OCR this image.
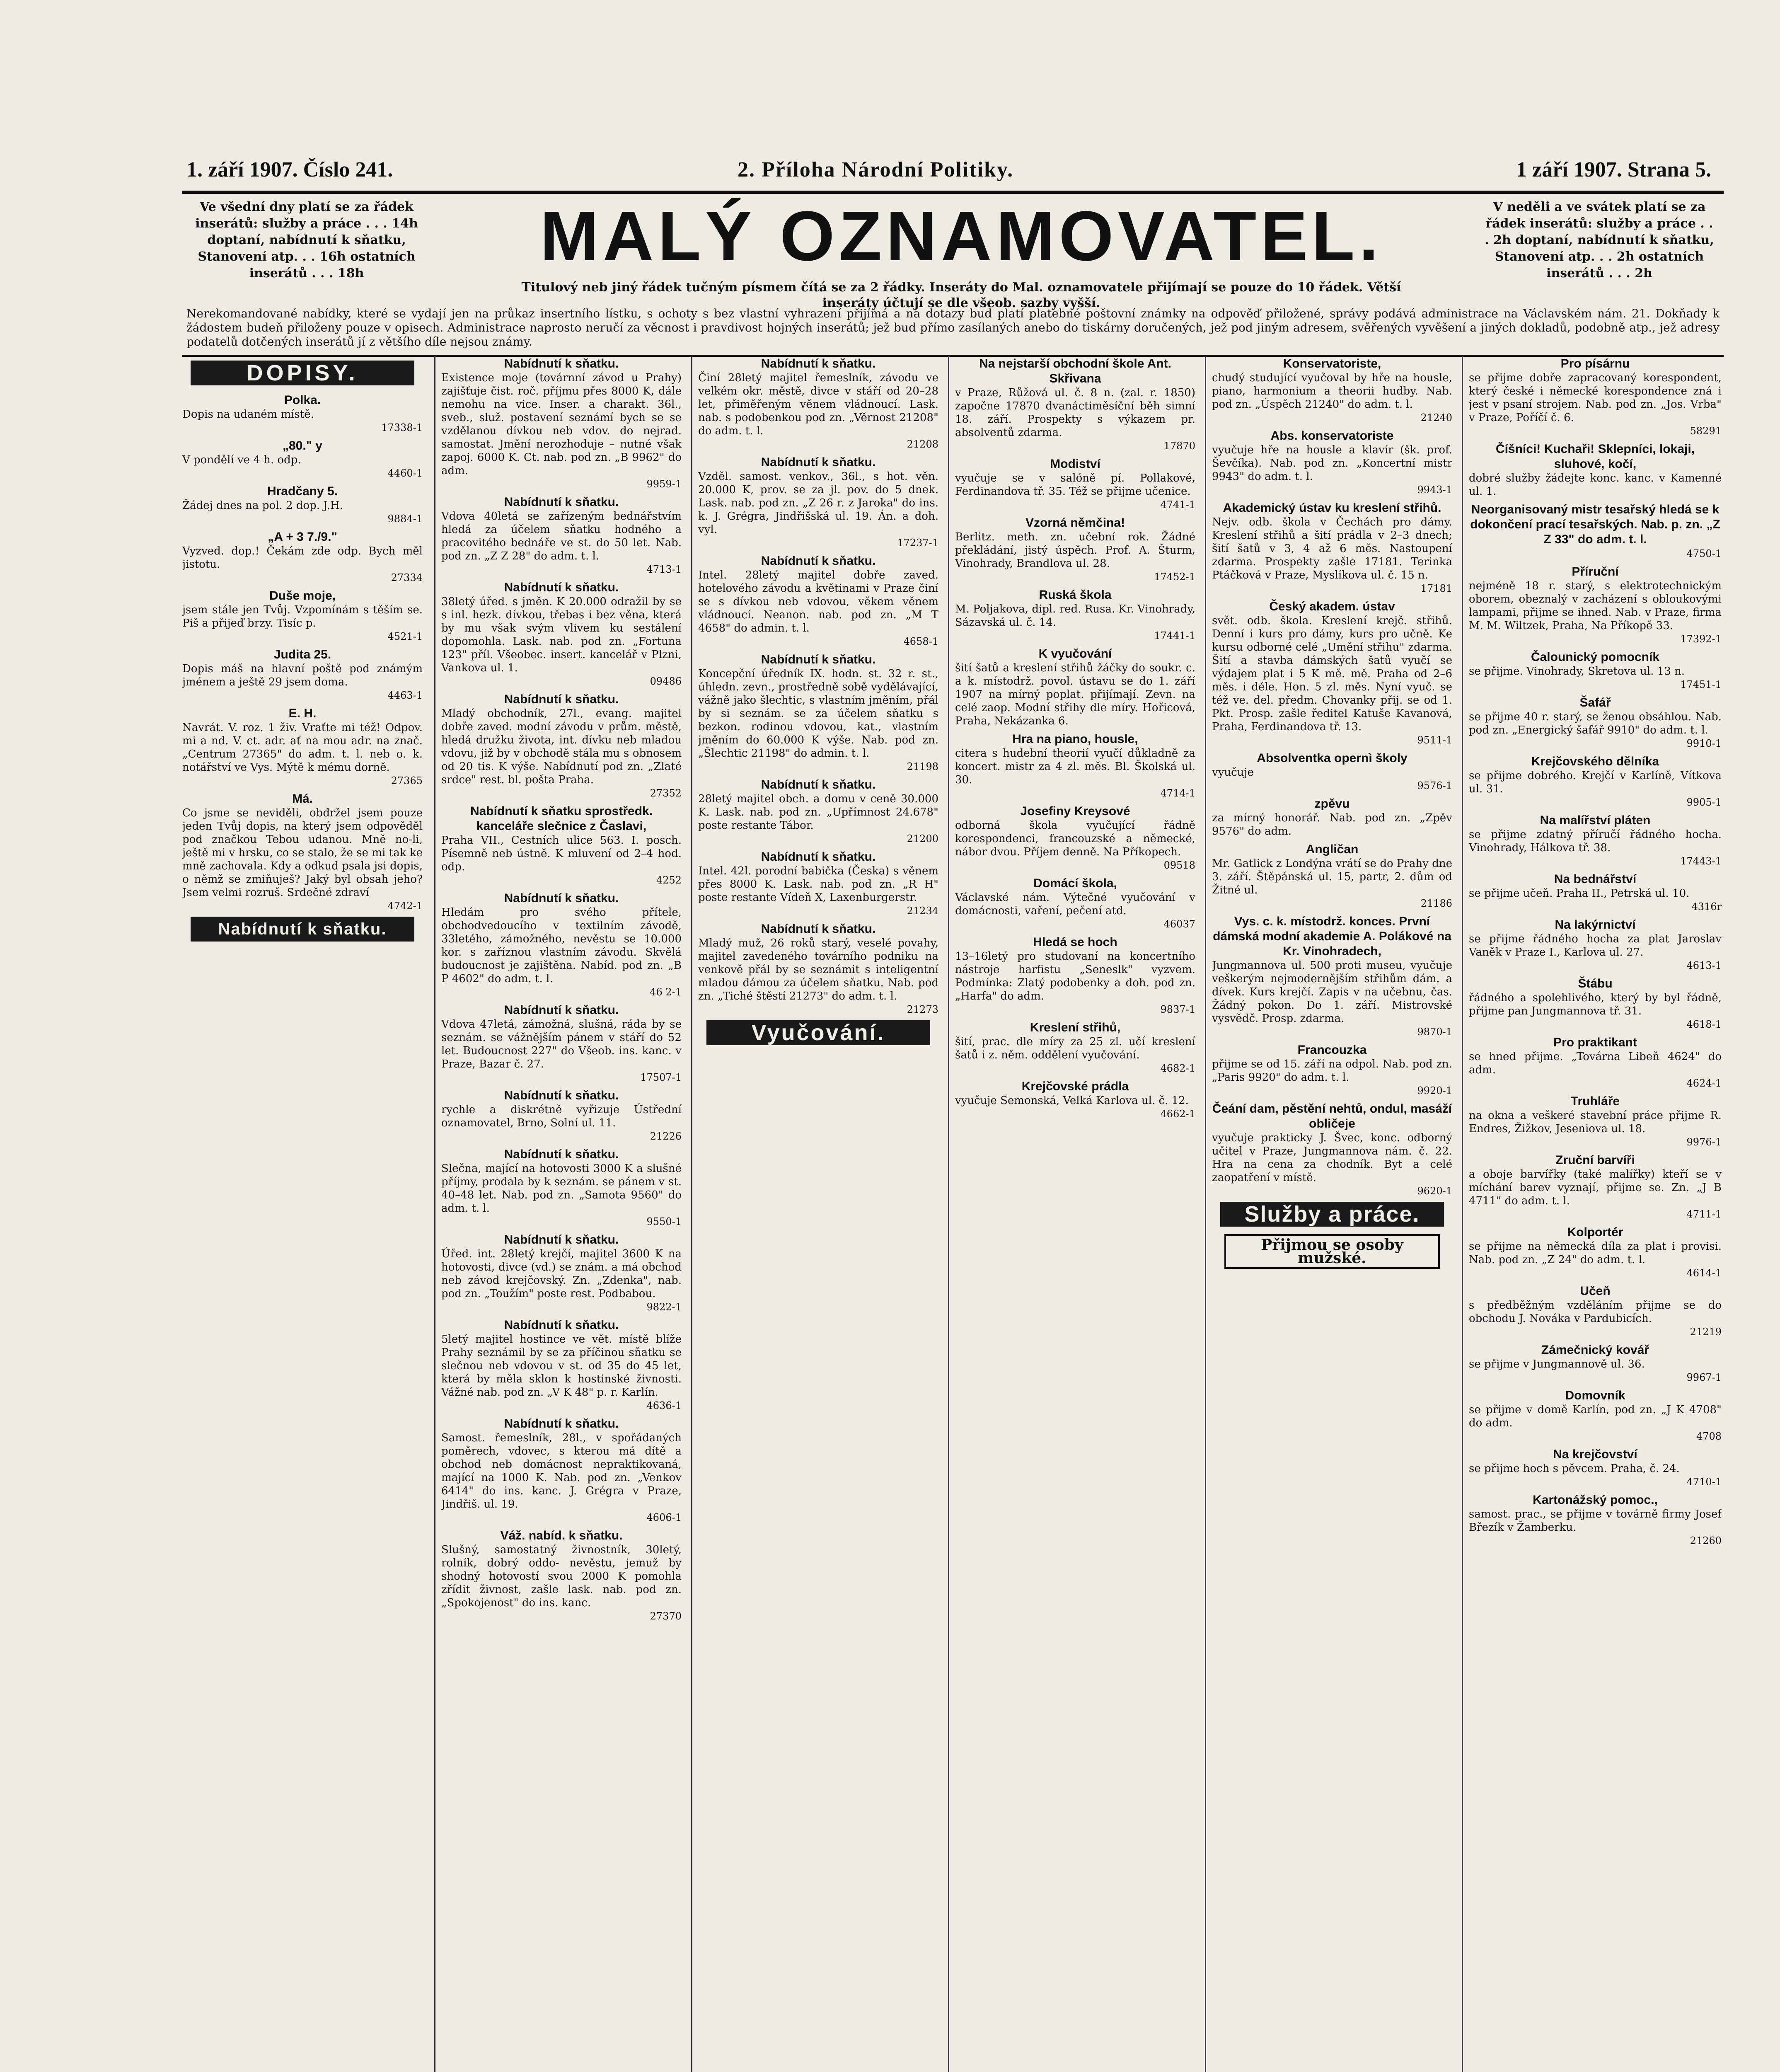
1. září 1907. Číslo 241.	2. Příloha Národní Politiky.	1 září 1907. Strana 5.
Ve všední dny platí se za řádek inserátů: služby a práce . . . 14h doptaní, nabídnutí k sňatku, Stanovení atp. . . 16h ostatních inserátů . . . 18h	MALÝ OZNAMOVATEL.
Titulový neb jiný řádek tučným písmem čítá se za 2 řádky. Inseráty do Mal. oznamovatele přijímají se pouze do 10 řádek. Větší inseráty účtují se dle všeob. sazby vyšší.
V neděli a ve svátek platí se za řádek inserátů: služby a práce . . . 2h doptaní, nabídnutí k sňatku, Stanovení atp. . . 2h ostatních inserátů . . . 2h
Nerekomandované nabídky, které se vydají jen na průkaz insertního lístku, s ochoty s bez vlastní vyhrazení přijímá a na dotazy bud platí platebné poštovní známky na odpověď přiložené, správy podává administrace na Václavském nám. 21. Dokňady k žádostem budeň přiloženy pouze v opisech. Administrace naprosto neručí za věcnost i pravdivost hojných inserátů; jež bud přímo zasílaných anebo do tiskárny doručených, jež pod jiným adresem, svěřených vyvěšení a jiných dokladů, podobně atp., jež adresy podatelů dotčených inserátů jí z většího díle nejsou známy.
DOPISY.
Polka.
Dopis na udaném místě.
17338-1
„80." y
V pondělí ve 4 h. odp.
4460-1
Hradčany 5.
Žádej dnes na pol. 2 dop. J.H.
9884-1
„A + 3 7./9."
Vyzved. dop.! Čekám zde odp. Bych měl jistotu.
27334
Duše moje,
jsem stále jen Tvůj. Vzpomínám s těším se. Piš a přijeď brzy. Tisíc p.
4521-1
Judita 25.
Dopis máš na hlavní poště pod známým jménem a ještě 29 jsem doma.
4463-1
E. H.
Navrát. V. roz. 1 živ. Vraťte mi též! Odpov. mi a nd. V. ct. adr. ať na mou adr. na znač. „Centrum 27365" do adm. t. l. neb o. k. notářství ve Vys. Mýtě k mému dorně.
27365
Má.
Co jsme se neviděli, obdržel jsem pouze jeden Tvůj dopis, na který jsem odpověděl pod značkou Tebou udanou. Mně no-li, ještě mi v hrsku, co se stalo, že se mi tak ke mně zachovala. Kdy a odkud psala jsi dopis, o němž se zmiňuješ? Jaký byl obsah jeho? Jsem velmi rozruš. Srdečné zdraví
4742-1
Nabídnutí k sňatku.
Nabídnutí k sňatku.
Existence moje (továrnní závod u Prahy) zajišťuje čist. roč. příjmu přes 8000 K, dále nemohu na vice. Inser. a charakt. 36l., sveb., služ. postavení seznámí bych se se vzdělanou dívkou neb vdov. do nejrad. samostat. Jmění nerozhoduje – nutné však zapoj. 6000 K. Ct. nab. pod zn. „B 9962" do adm.
9959-1
Nabídnutí k sňatku.
Vdova 40letá se zařízeným bednářstvím hledá za účelem sňatku hodného a pracovitého bednáře ve st. do 50 let. Nab. pod zn. „Z Z 28" do adm. t. l.
4713-1
Nabídnutí k sňatku.
38letý úřed. s jměn. K 20.000 odražil by se s inl. hezk. dívkou, třebas i bez věna, která by mu však svým vlivem ku sestálení dopomohla. Lask. nab. pod zn. „Fortuna 123" příl. Všeobec. insert. kancelář v Plzni, Vankova ul. 1.
09486
Nabídnutí k sňatku.
Mladý obchodník, 27l., evang. majitel dobře zaved. modní závodu v prům. městě, hledá družku života, int. dívku neb mladou vdovu, již by v obchodě stála mu s obnosem od 20 tis. K výše. Nabídnutí pod zn. „Zlaté srdce" rest. bl. pošta Praha.
27352
Nabídnutí k sňatku sprostředk. kanceláře slečnice z Časlavi,
Praha VII., Cestních ulice 563. I. posch. Písemně neb ústně. K mluvení od 2–4 hod. odp.
4252
Nabídnutí k sňatku.
Hledám pro svého přítele, obchodvedoucího v textilním závodě, 33letého, zámožného, nevěstu se 10.000 kor. s zaříznou vlastním závodu. Skvělá budoucnost je zajištěna. Nabíd. pod zn. „B P 4602" do adm. t. l.
46 2-1
Nabídnutí k sňatku.
Vdova 47letá, zámožná, slušná, ráda by se seznám. se vážnějším pánem v stáří do 52 let. Budoucnost 227" do Všeob. ins. kanc. v Praze, Bazar č. 27.
17507-1
Nabídnutí k sňatku.
rychle a diskrétně vyřizuje Ústřední oznamovatel, Brno, Solní ul. 11.
21226
Nabídnutí k sňatku.
Slečna, mající na hotovosti 3000 K a slušné příjmy, prodala by k seznám. se pánem v st. 40–48 let. Nab. pod zn. „Samota 9560" do adm. t. l.
9550-1
Nabídnutí k sňatku.
Úřed. int. 28letý krejčí, majitel 3600 K na hotovosti, divce (vd.) se znám. a má obchod neb závod krejčovský. Zn. „Zdenka", nab. pod zn. „Toužím" poste rest. Podbabou.
9822-1
Nabídnutí k sňatku.
5letý majitel hostince ve vět. místě blíže Prahy seznámil by se za příčinou sňatku se slečnou neb vdovou v st. od 35 do 45 let, která by měla sklon k hostinské živnosti. Vážné nab. pod zn. „V K 48" p. r. Karlín.
4636-1
Nabídnutí k sňatku.
Samost. řemeslník, 28l., v spořádaných poměrech, vdovec, s kterou má dítě a obchod neb domácnost nepraktikovaná, mající na 1000 K. Nab. pod zn. „Venkov 6414" do ins. kanc. J. Grégra v Praze, Jindřiš. ul. 19.
4606-1
Váž. nabíd. k sňatku.
Slušný, samostatný živnostník, 30letý, rolník, dobrý oddo- nevěstu, jemuž by shodný hotovostí svou 2000 K pomohla zřídit živnost, zašle lask. nab. pod zn. „Spokojenost" do ins. kanc.
27370
Nabídnutí k sňatku.
Činí 28letý majitel řemeslník, závodu ve velkém okr. městě, divce v stáří od 20–28 let, přiměřeným věnem vládnoucí. Lask. nab. s podobenkou pod zn. „Věrnost 21208" do adm. t. l.
21208
Nabídnutí k sňatku.
Vzděl. samost. venkov., 36l., s hot. věn. 20.000 K, prov. se za jl. pov. do 5 dnek. Lask. nab. pod zn. „Z 26 r. z Jaroka" do ins. k. J. Grégra, Jindřišská ul. 19. Án. a doh. vyl.
17237-1
Nabídnutí k sňatku.
Intel. 28letý majitel dobře zaved. hotelového závodu a květinami v Praze činí se s dívkou neb vdovou, věkem věnem vládnoucí. Neanon. nab. pod zn. „M T 4658" do admin. t. l.
4658-1
Nabídnutí k sňatku.
Koncepční úředník IX. hodn. st. 32 r. st., úhledn. zevn., prostředně sobě vydělávající, vážně jako šlechtic, s vlastním jměním, přál by si seznám. se za účelem sňatku s bezkon. rodinou vdovou, kat., vlastním jměním do 60.000 K výše. Nab. pod zn. „Šlechtic 21198" do admin. t. l.
21198
Nabídnutí k sňatku.
28letý majitel obch. a domu v ceně 30.000 K. Lask. nab. pod zn. „Upřímnost 24.678" poste restante Tábor.
21200
Nabídnutí k sňatku.
Intel. 42l. porodní babička (Česka) s věnem přes 8000 K. Lask. nab. pod zn. „R H" poste restante Vídeň X, Laxenburgerstr.
21234
Nabídnutí k sňatku.
Mladý muž, 26 roků starý, veselé povahy, majitel zavedeného továrního podniku na venkově přál by se seznámit s inteligentní mladou dámou za účelem sňatku. Nab. pod zn. „Tiché štěstí 21273" do adm. t. l.
21273
Vyučování.
Na nejstarší obchodní škole Ant. Skřivana
v Praze, Růžová ul. č. 8 n. (zal. r. 1850) započne 17870 dvanáctiměsíční běh simní 18. září. Prospekty s výkazem pr. absolventů zdarma.
17870
Modiství
vyučuje se v salóně pí. Pollakové, Ferdinandova tř. 35. Též se přijme učenice.
4741-1
Vzorná němčina!
Berlitz. meth. zn. učební rok. Žádné překládání, jistý úspěch. Prof. A. Šturm, Vinohrady, Brandlova ul. 28.
17452-1
Ruská škola
M. Poljakova, dipl. red. Rusa. Kr. Vinohrady, Sázavská ul. č. 14.
17441-1
K vyučování
šití šatů a kreslení střihů žáčky do soukr. c. a k. místodrž. povol. ústavu se do 1. září 1907 na mírný poplat. přijímají. Zevn. na celé zaop. Modní střihy dle míry. Hořicová, Praha, Nekázanka 6.
Hra na piano, housle,
citera s hudební theorií vyučí důkladně za koncert. mistr za 4 zl. měs. Bl. Školská ul. 30.
4714-1
Josefiny Kreysové
odborná škola vyučující řádně korespondenci, francouzské a německé, nábor dvou. Příjem denně. Na Příkopech.
09518
Domácí škola,
Václavské nám. Výtečné vyučování v domácnosti, vaření, pečení atd.
46037
Hledá se hoch
13–16letý pro studovaní na koncertního nástroje harfistu „Seneslk" vyzvem. Podmínka: Zlatý podobenky a doh. pod zn. „Harfa" do adm.
9837-1
Kreslení střihů,
šití, prac. dle míry za 25 zl. učí kreslení šatů i z. něm. oddělení vyučování.
4682-1
Krejčovské prádla
vyučuje Semonská, Velká Karlova ul. č. 12.
4662-1
Konservatoriste,
chudý studující vyučoval by hře na housle, piano, harmonium a theorii hudby. Nab. pod zn. „Úspěch 21240" do adm. t. l.
21240
Abs. konservatoriste
vyučuje hře na housle a klavír (šk. prof. Ševčíka). Nab. pod zn. „Koncertní mistr 9943" do adm. t. l.
9943-1
Akademický ústav ku kreslení střihů.
Nejv. odb. škola v Čechách pro dámy. Kreslení střihů a šití prádla v 2–3 dnech; šití šatů v 3, 4 až 6 měs. Nastoupení zdarma. Prospekty zašle 17181. Terinka Ptáčková v Praze, Myslíkova ul. č. 15 n.
17181
Český akadem. ústav
svět. odb. škola. Kreslení krejč. střihů. Denní i kurs pro dámy, kurs pro učně. Ke kursu odborné celé „Umění střihu" zdarma. Šití a stavba dámských šatů vyučí se výdajem plat i 5 K mě. mě. Praha od 2–6 měs. i déle. Hon. 5 zl. měs. Nyní vyuč. se též ve. del. předm. Chovanky přij. se od 1. Pkt. Prosp. zašle ředitel Katuše Kavanová, Praha, Ferdinandova tř. 13.
9511-1
Absolventka opernì školy
vyučuje
9576-1
zpěvu
za mírný honorář. Nab. pod zn. „Zpěv 9576" do adm.
Angličan
Mr. Gatlick z Londýna vrátí se do Prahy dne 3. září. Štěpánská ul. 15, partr, 2. dům od Žitné ul.
21186
Vys. c. k. místodrž. konces. První dámská modní akademie A. Polákové na Kr. Vinohradech,
Jungmannova ul. 500 proti museu, vyučuje veškerým nejmodernějším střihům dám. a dívek. Kurs krejčí. Zapis v na učebnu, čas. Žádný pokon. Do 1. září. Mistrovské vysvědč. Prosp. zdarma.
9870-1
Francouzka
přijme se od 15. září na odpol. Nab. pod zn. „Paris 9920" do adm. t. l.
9920-1
Čeání dam, pěstění nehtů, ondul, masáží obličeje
vyučuje prakticky J. Švec, konc. odborný učitel v Praze, Jungmannova nám. č. 22. Hra na cena za chodník. Byt a celé zaopatření v místě.
9620-1
Služby a práce.
Přijmou se osoby mužské.
Pro písárnu
se přijme dobře zapracovaný korespondent, který české i německé korespondence zná i jest v psaní strojem. Nab. pod zn. „Jos. Vrba" v Praze, Poříčí č. 6.
58291
Číšníci! Kuchaři! Sklepníci, lokaji, sluhové, kočí,
dobré služby žádejte konc. kanc. v Kamenné ul. 1.
Neorganisovaný mistr tesařský hledá se k dokončení prací tesařských. Nab. p. zn. „Z Z 33" do adm. t. l.
4750-1
Příruční
nejméně 18 r. starý, s elektrotechnickým oborem, obeznalý v zacházení s obloukovými lampami, přijme se ihned. Nab. v Praze, firma M. M. Wiltzek, Praha, Na Příkopě 33.
17392-1
Čalounický pomocník
se přijme. Vinohrady, Skretova ul. 13 n.
17451-1
Šafář
se přijme 40 r. starý, se ženou obsáhlou. Nab. pod zn. „Energický šafář 9910" do adm. t. l.
9910-1
Krejčovského dělníka
se přijme dobrého. Krejčí v Karlíně, Vítkova ul. 31.
9905-1
Na malířství pláten
se přijme zdatný příručí řádného hocha. Vinohrady, Hálkova tř. 38.
17443-1
Na bednářství
se přijme učeň. Praha II., Petrská ul. 10.
4316r
Na lakýrnictví
se přijme řádného hocha za plat Jaroslav Vaněk v Praze I., Karlova ul. 27.
4613-1
Štábu
řádného a spolehlivého, který by byl řádně, přijme pan Jungmannova tř. 31.
4618-1
Pro praktikant
se hned přijme. „Továrna Libeň 4624" do adm.
4624-1
Truhláře
na okna a veškeré stavební práce přijme R. Endres, Žižkov, Jeseniova ul. 18.
9976-1
Zruční barvíři
a oboje barvířky (také malířky) kteří se v míchání barev vyznají, přijme se. Zn. „J B 4711" do adm. t. l.
4711-1
Kolportér
se přijme na německá díla za plat i provisi. Nab. pod zn. „Z 24" do adm. t. l.
4614-1
Učeň
s předběžným vzděláním přijme se do obchodu J. Nováka v Pardubicích.
21219
Zámečnický kovář
se přijme v Jungmannově ul. 36.
9967-1
Domovník
se přijme v domě Karlín, pod zn. „J K 4708" do adm.
4708
Na krejčovství
se přijme hoch s pěvcem. Praha, č. 24.
4710-1
Kartonážský pomoc.,
samost. prac., se přijme v továrně firmy Josef Březík v Žamberku.
21260
